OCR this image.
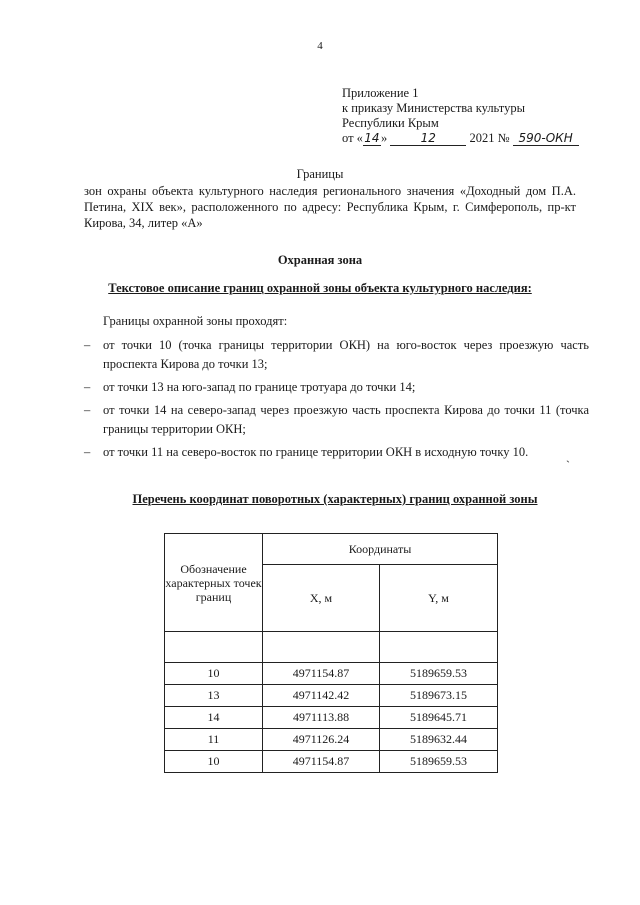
4
Приложение 1
к приказу Министерства культуры
Республики Крым
от «14»	12	2021 № 590-ОКН
Границы
зон охраны объекта культурного наследия регионального значения «Доходный дом П.А. Петина, XIX век», расположенного по адресу: Республика Крым, г. Симферополь, пр-кт Кирова, 34, литер «А»
Охранная зона
Текстовое описание границ охранной зоны объекта культурного наследия:
Границы охранной зоны проходят:
– от точки 10 (точка границы территории ОКН) на юго-восток через проезжую часть проспекта Кирова до точки 13;
– от точки 13 на юго-запад по границе тротуара до точки 14;
– от точки 14 на северо-запад через проезжую часть проспекта Кирова до точки 11 (точка границы территории ОКН;
– от точки 11 на северо-восток по границе территории ОКН в исходную точку 10.	ˏ
Перечень координат поворотных (характерных) границ охранной зоны
Обозначение характерных точек границ	Координаты	
	X, м	Y, м

10	4971154.87	5189659.53
13	4971142.42	5189673.15
14	4971113.88	5189645.71
11	4971126.24	5189632.44
10	4971154.87	5189659.53
